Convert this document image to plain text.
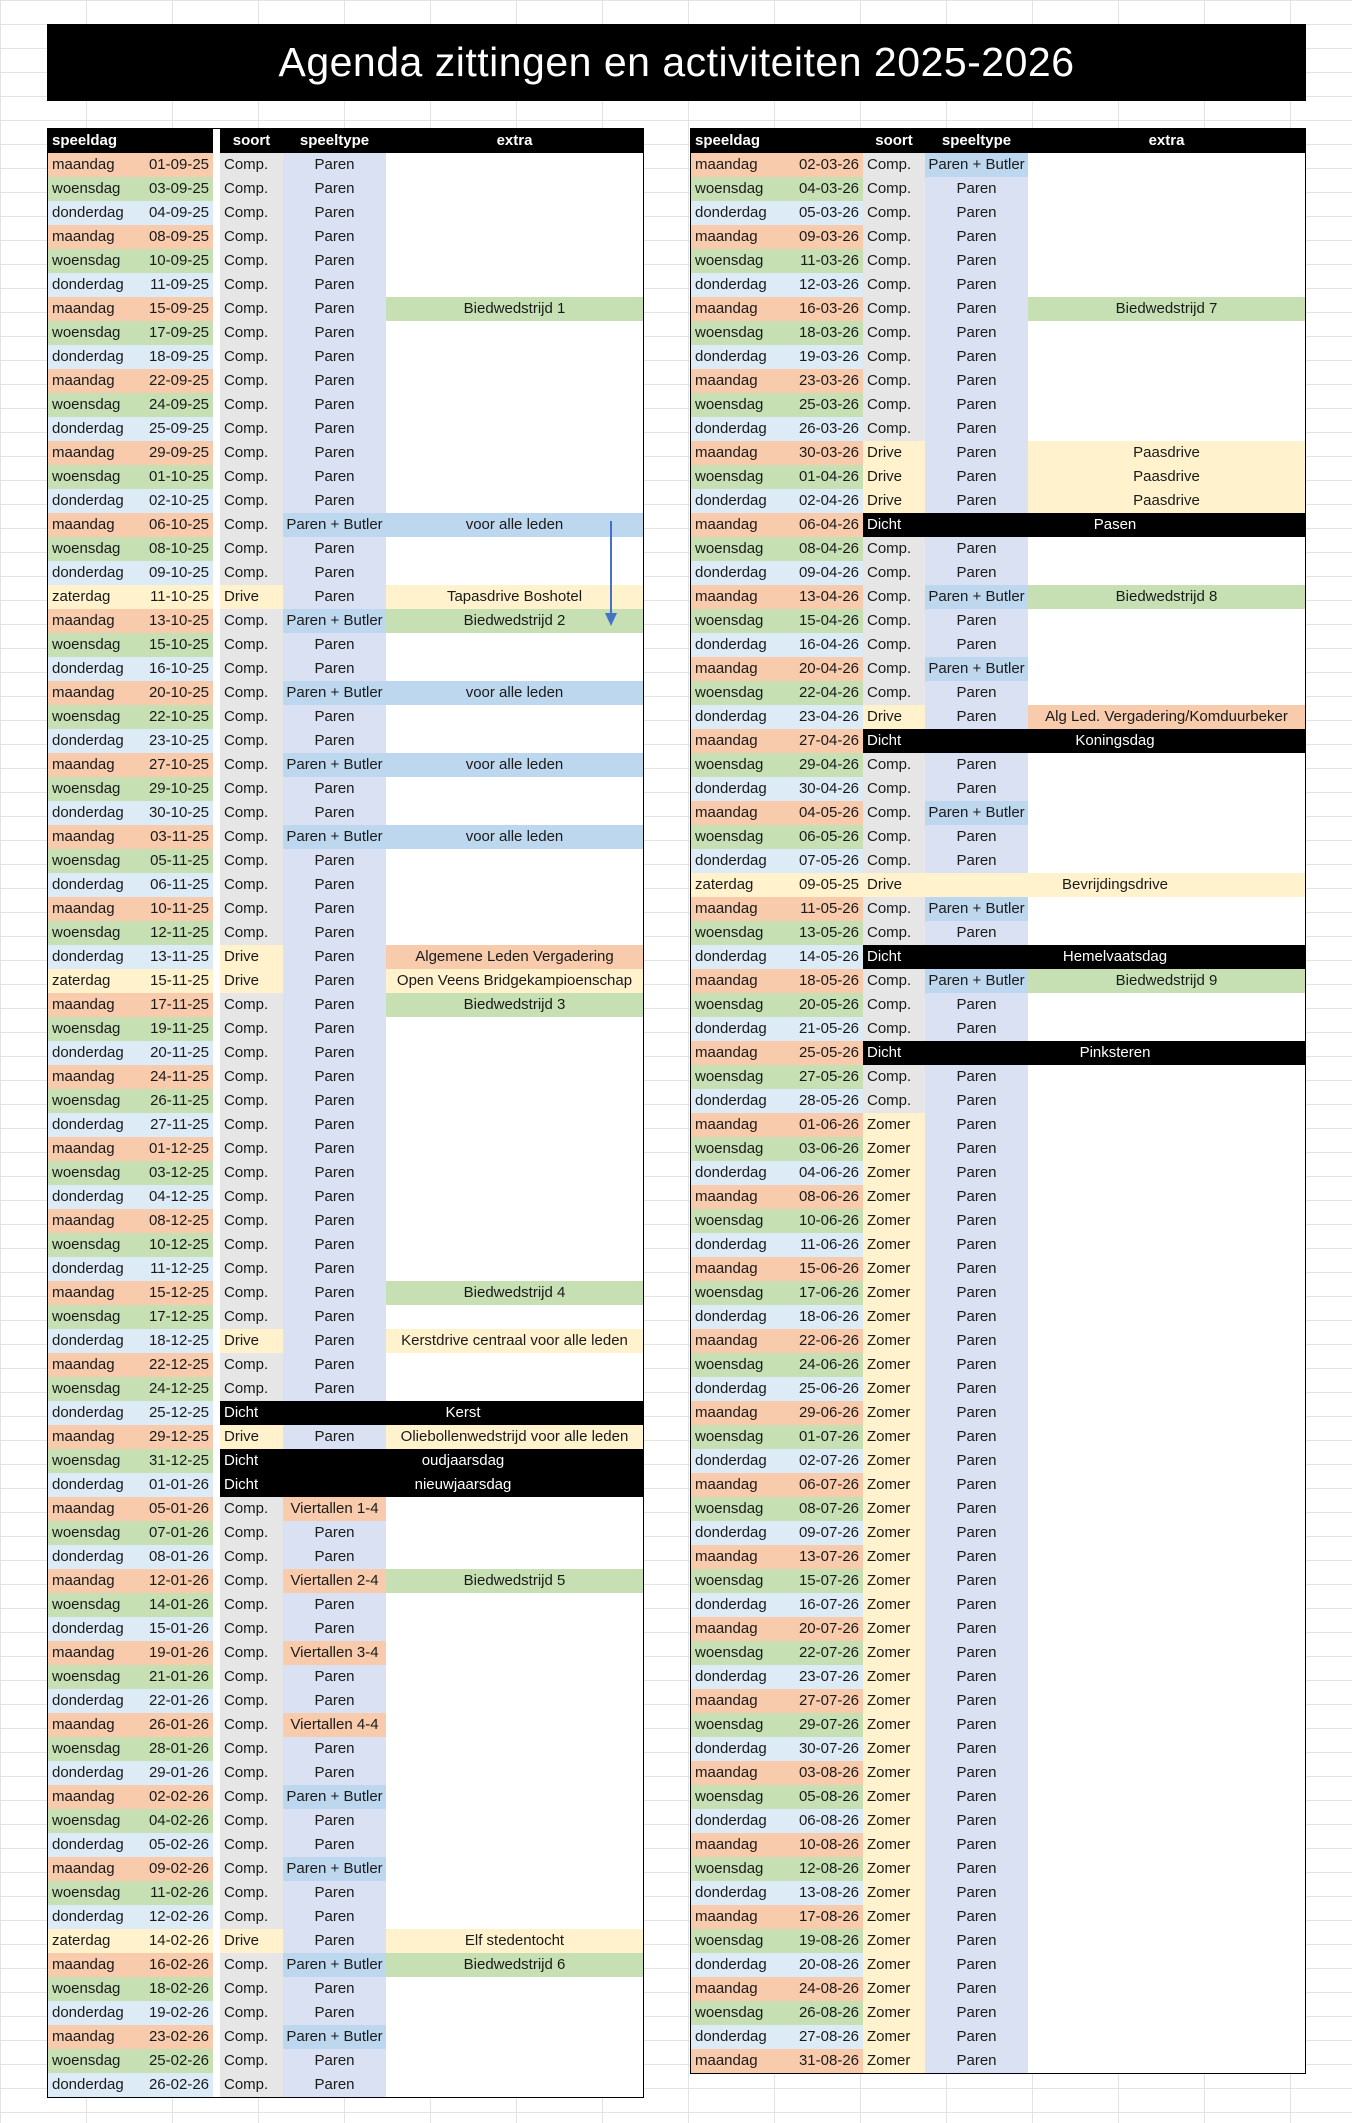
Agenda zittingen en activiteiten 2025-2026
speeldag	soort	speeltype	extra
maandag	01-09-25 Comp.	Paren
woensdag	03-09-25 Comp.	Paren
donderdag	04-09-25 Comp.	Paren
maandag	08-09-25 Comp.	Paren
woensdag	10-09-25 Comp.	Paren
donderdag	11-09-25 Comp.	Paren
maandag	15-09-25 Comp.	Paren	Biedwedstrijd 1
woensdag	17-09-25 Comp.	Paren
donderdag	18-09-25 Comp.	Paren
maandag	22-09-25 Comp.	Paren
woensdag	24-09-25 Comp.	Paren
donderdag	25-09-25 Comp.	Paren
maandag	29-09-25 Comp.	Paren
woensdag	01-10-25 Comp.	Paren
donderdag	02-10-25 Comp.	Paren
maandag	06-10-25 Comp.	Paren + Butler	voor alle leden
woensdag	08-10-25 Comp.	Paren
donderdag	09-10-25 Comp.	Paren
zaterdag	11-10-25 Drive	Paren	Tapasdrive Boshotel
maandag	13-10-25 Comp.	Paren + Butler	Biedwedstrijd 2
woensdag	15-10-25 Comp.	Paren
donderdag	16-10-25 Comp.	Paren
maandag	20-10-25 Comp.	Paren + Butler	voor alle leden
woensdag	22-10-25 Comp.	Paren
donderdag	23-10-25 Comp.	Paren
maandag	27-10-25 Comp.	Paren + Butler	voor alle leden
woensdag	29-10-25 Comp.	Paren
donderdag	30-10-25 Comp.	Paren
maandag	03-11-25 Comp.	Paren + Butler	voor alle leden
woensdag	05-11-25 Comp.	Paren
donderdag	06-11-25 Comp.	Paren
maandag	10-11-25 Comp.	Paren
woensdag	12-11-25 Comp.	Paren
donderdag	13-11-25 Drive	Paren	Algemene Leden Vergadering
zaterdag	15-11-25 Drive	Paren	Open Veens Bridgekampioenschap
maandag	17-11-25 Comp.	Paren	Biedwedstrijd 3
woensdag	19-11-25 Comp.	Paren
donderdag	20-11-25 Comp.	Paren
maandag	24-11-25 Comp.	Paren
woensdag	26-11-25 Comp.	Paren
donderdag	27-11-25 Comp.	Paren
maandag	01-12-25 Comp.	Paren
woensdag	03-12-25 Comp.	Paren
donderdag	04-12-25 Comp.	Paren
maandag	08-12-25 Comp.	Paren
woensdag	10-12-25 Comp.	Paren
donderdag	11-12-25 Comp.	Paren
maandag	15-12-25 Comp.	Paren	Biedwedstrijd 4
woensdag	17-12-25 Comp.	Paren
donderdag	18-12-25 Drive	Paren	Kerstdrive centraal voor alle leden
maandag	22-12-25 Comp.	Paren
woensdag	24-12-25 Comp.	Paren
donderdag	25-12-25 Dicht	Kerst
maandag	29-12-25 Drive	Paren	Oliebollenwedstrijd voor alle leden
woensdag	31-12-25 Dicht	oudjaarsdag
donderdag	01-01-26 Dicht	nieuwjaarsdag
maandag	05-01-26 Comp.	Viertallen 1-4
woensdag	07-01-26 Comp.	Paren
donderdag	08-01-26 Comp.	Paren
maandag	12-01-26 Comp.	Viertallen 2-4	Biedwedstrijd 5
woensdag	14-01-26 Comp.	Paren
donderdag	15-01-26 Comp.	Paren
maandag	19-01-26 Comp.	Viertallen 3-4
woensdag	21-01-26 Comp.	Paren
donderdag	22-01-26 Comp.	Paren
maandag	26-01-26 Comp.	Viertallen 4-4
woensdag	28-01-26 Comp.	Paren
donderdag	29-01-26 Comp.	Paren
maandag	02-02-26 Comp.	Paren + Butler
woensdag	04-02-26 Comp.	Paren
donderdag	05-02-26 Comp.	Paren
maandag	09-02-26 Comp.	Paren + Butler
woensdag	11-02-26 Comp.	Paren
donderdag	12-02-26 Comp.	Paren
zaterdag	14-02-26 Drive	Paren	Elf stedentocht
maandag	16-02-26 Comp.	Paren + Butler	Biedwedstrijd 6
woensdag	18-02-26 Comp.	Paren
donderdag	19-02-26 Comp.	Paren
maandag	23-02-26 Comp.	Paren + Butler
woensdag	25-02-26 Comp.	Paren
donderdag	26-02-26 Comp.	Paren
speeldag	soort	speeltype	extra
maandag	02-03-26 Comp.	Paren + Butler
woensdag	04-03-26 Comp.	Paren
donderdag	05-03-26 Comp.	Paren
maandag	09-03-26 Comp.	Paren
woensdag	11-03-26 Comp.	Paren
donderdag	12-03-26 Comp.	Paren
maandag	16-03-26 Comp.	Paren	Biedwedstrijd 7
woensdag	18-03-26 Comp.	Paren
donderdag	19-03-26 Comp.	Paren
maandag	23-03-26 Comp.	Paren
woensdag	25-03-26 Comp.	Paren
donderdag	26-03-26 Comp.	Paren
maandag	30-03-26 Drive	Paren	Paasdrive
woensdag	01-04-26 Drive	Paren	Paasdrive
donderdag	02-04-26 Drive	Paren	Paasdrive
maandag	06-04-26 Dicht	Pasen
woensdag	08-04-26 Comp.	Paren
donderdag	09-04-26 Comp.	Paren
maandag	13-04-26 Comp.	Paren + Butler	Biedwedstrijd 8
woensdag	15-04-26 Comp.	Paren
donderdag	16-04-26 Comp.	Paren
maandag	20-04-26 Comp.	Paren + Butler
woensdag	22-04-26 Comp.	Paren
donderdag	23-04-26 Drive	Paren	Alg Led. Vergadering/Komduurbeker
maandag	27-04-26 Dicht	Koningsdag
woensdag	29-04-26 Comp.	Paren
donderdag	30-04-26 Comp.	Paren
maandag	04-05-26 Comp.	Paren + Butler
woensdag	06-05-26 Comp.	Paren
donderdag	07-05-26 Comp.	Paren
zaterdag	09-05-25 Drive	Bevrijdingsdrive
maandag	11-05-26 Comp.	Paren + Butler
woensdag	13-05-26 Comp.	Paren
donderdag	14-05-26 Dicht	Hemelvaatsdag
maandag	18-05-26 Comp.	Paren + Butler	Biedwedstrijd 9
woensdag	20-05-26 Comp.	Paren
donderdag	21-05-26 Comp.	Paren
maandag	25-05-26 Dicht	Pinksteren
woensdag	27-05-26 Comp.	Paren
donderdag	28-05-26 Comp.	Paren
maandag	01-06-26 Zomer	Paren
woensdag	03-06-26 Zomer	Paren
donderdag	04-06-26 Zomer	Paren
maandag	08-06-26 Zomer	Paren
woensdag	10-06-26 Zomer	Paren
donderdag	11-06-26 Zomer	Paren
maandag	15-06-26 Zomer	Paren
woensdag	17-06-26 Zomer	Paren
donderdag	18-06-26 Zomer	Paren
maandag	22-06-26 Zomer	Paren
woensdag	24-06-26 Zomer	Paren
donderdag	25-06-26 Zomer	Paren
maandag	29-06-26 Zomer	Paren
woensdag	01-07-26 Zomer	Paren
donderdag	02-07-26 Zomer	Paren
maandag	06-07-26 Zomer	Paren
woensdag	08-07-26 Zomer	Paren
donderdag	09-07-26 Zomer	Paren
maandag	13-07-26 Zomer	Paren
woensdag	15-07-26 Zomer	Paren
donderdag	16-07-26 Zomer	Paren
maandag	20-07-26 Zomer	Paren
woensdag	22-07-26 Zomer	Paren
donderdag	23-07-26 Zomer	Paren
maandag	27-07-26 Zomer	Paren
woensdag	29-07-26 Zomer	Paren
donderdag	30-07-26 Zomer	Paren
maandag	03-08-26 Zomer	Paren
woensdag	05-08-26 Zomer	Paren
donderdag	06-08-26 Zomer	Paren
maandag	10-08-26 Zomer	Paren
woensdag	12-08-26 Zomer	Paren
donderdag	13-08-26 Zomer	Paren
maandag	17-08-26 Zomer	Paren
woensdag	19-08-26 Zomer	Paren
donderdag	20-08-26 Zomer	Paren
maandag	24-08-26 Zomer	Paren
woensdag	26-08-26 Zomer	Paren
donderdag	27-08-26 Zomer	Paren
maandag	31-08-26 Zomer	Paren
